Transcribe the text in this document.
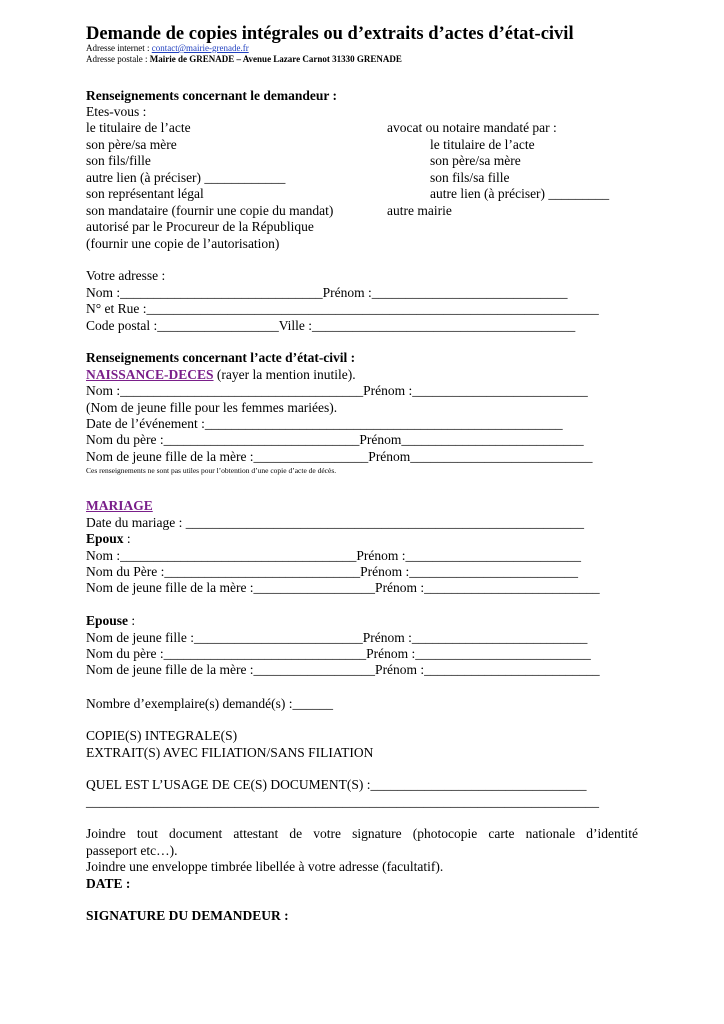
Demande de copies intégrales ou d’extraits d’actes d’état-civil
Adresse internet : contact@mairie-grenade.fr
Adresse postale : Mairie de GRENADE – Avenue Lazare Carnot 31330 GRENADE
Renseignements concernant le demandeur :
Etes-vous :
le titulaire de l’acte
son père/sa mère
son fils/fille
autre lien (à préciser) ____________
son représentant légal
son mandataire (fournir une copie du mandat)
autorisé par le Procureur de la République
(fournir une copie de l’autorisation)
avocat ou notaire mandaté par :
le titulaire de l’acte
son père/sa mère
son fils/sa fille
autre lien (à préciser) _________
autre mairie
Votre adresse :
Nom :______________________________Prénom :_____________________________
N° et Rue :___________________________________________________________________
Code postal :__________________Ville :_______________________________________
Renseignements concernant l’acte d’état-civil :
NAISSANCE-DECES (rayer la mention inutile).
Nom :____________________________________Prénom :__________________________
(Nom de jeune fille pour les femmes mariées).
Date de l’événement :_____________________________________________________
Nom du père :_____________________________Prénom___________________________
Nom de jeune fille de la mère :_________________Prénom___________________________
Ces renseignements ne sont pas utiles pour l’obtention d’une copie d’acte de décès.
MARIAGE
Date du mariage : ___________________________________________________________
Epoux :
Nom :___________________________________Prénom :__________________________
Nom du Père :_____________________________Prénom :_________________________
Nom de jeune fille de la mère :__________________Prénom :__________________________
Epouse :
Nom de jeune fille :_________________________Prénom :__________________________
Nom du père :______________________________Prénom :__________________________
Nom de jeune fille de la mère :__________________Prénom :__________________________
Nombre d’exemplaire(s) demandé(s) :______
COPIE(S) INTEGRALE(S)
EXTRAIT(S) AVEC FILIATION/SANS FILIATION
QUEL EST L’USAGE DE CE(S) DOCUMENT(S) :________________________________
____________________________________________________________________________
Joindre tout document attestant de votre signature (photocopie carte nationale d’identité
passeport etc…).
Joindre une enveloppe timbrée libellée à votre adresse (facultatif).
DATE :
SIGNATURE DU DEMANDEUR :
